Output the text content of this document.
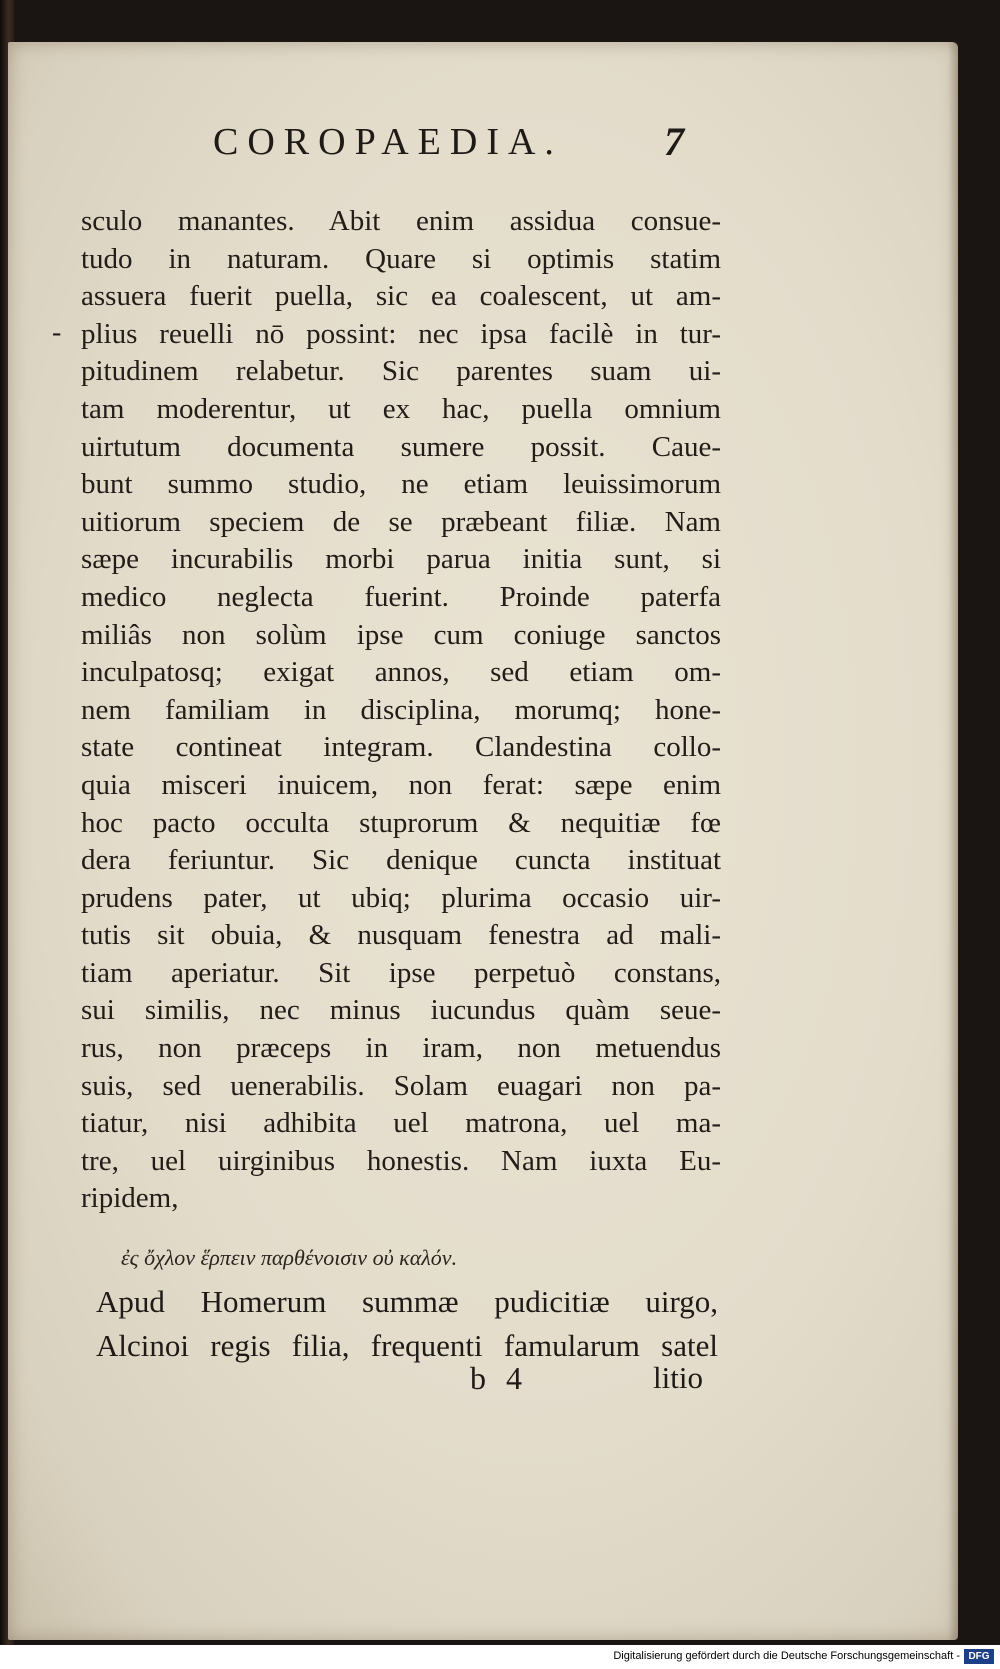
COROPAEDIA.	7
-
sculo manantes. Abit enim assidua consue-
tudo in naturam. Quare si optimis statim
assuera fuerit puella, sic ea coalescent, ut am-
plius reuelli nō possint: nec ipsa facilè in tur-
pitudinem relabetur. Sic parentes suam ui-
tam moderentur, ut ex hac, puella omnium
uirtutum documenta sumere possit. Caue-
bunt summo studio, ne etiam leuissimorum
uitiorum speciem de se præbeant filiæ. Nam
sæpe incurabilis morbi parua initia sunt, si
medico neglecta fuerint. Proinde paterfa
miliâs non solùm ipse cum coniuge sanctos
inculpatosq; exigat annos, sed etiam om-
nem familiam in disciplina, morumq; hone-
state contineat integram. Clandestina collo-
quia misceri inuicem, non ferat: sæpe enim
hoc pacto occulta stuprorum & nequitiæ fœ
dera feriuntur. Sic denique cuncta instituat
prudens pater, ut ubiq; plurima occasio uir-
tutis sit obuia, & nusquam fenestra ad mali-
tiam aperiatur. Sit ipse perpetuò constans,
sui similis, nec minus iucundus quàm seue-
rus, non præceps in iram, non metuendus
suis, sed uenerabilis. Solam euagari non pa-
tiatur, nisi adhibita uel matrona, uel ma-
tre, uel uirginibus honestis. Nam iuxta Eu-
ripidem,
ἐς ὄχλον ἕρπειν παρθένοισιν οὐ καλόν.
Apud Homerum summæ pudicitiæ uirgo,
Alcinoi regis filia, frequenti famularum satel
b 4	litio
Digitalisierung gefördert durch die Deutsche Forschungsgemeinschaft - DFG
